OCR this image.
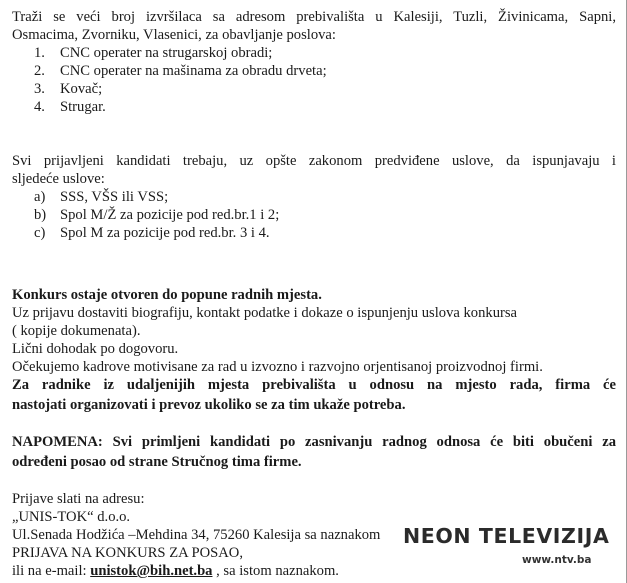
Traži se veći broj izvršilaca sa adresom prebivališta u Kalesiji, Tuzli, Živinicama, Sapni,
Osmacima, Zvorniku, Vlasenici, za obavljanje poslova:
1. CNC operater na strugarskoj obradi;
2. CNC operater na mašinama za obradu drveta;
3. Kovač;
4. Strugar.
Svi prijavljeni kandidati trebaju, uz opšte zakonom predviđene uslove, da ispunjavaju i
sljedeće uslove:
a) SSS, VŠS ili VSS;
b) Spol M/Ž za pozicije pod red.br.1 i 2;
c) Spol M za pozicije pod red.br. 3 i 4.
Konkurs ostaje otvoren do popune radnih mjesta.
Uz prijavu dostaviti biografiju, kontakt podatke i dokaze o ispunjenju uslova konkursa
( kopije dokumenata).
Lični dohodak po dogovoru.
Očekujemo kadrove motivisane za rad u izvozno i razvojno orjentisanoj proizvodnoj firmi.
Za radnike iz udaljenijih mjesta prebivališta u odnosu na mjesto rada, firma će
nastojati organizovati i prevoz ukoliko se za tim ukaže potreba.
NAPOMENA: Svi primljeni kandidati po zasnivanju radnog odnosa će biti obučeni za
određeni posao od strane Stručnog tima firme.
Prijave slati na adresu:
„UNIS-TOK“ d.o.o.
Ul.Senada Hodžića –Mehdina 34, 75260 Kalesija sa naznakom
PRIJAVA NA KONKURS ZA POSAO,
ili na e-mail: unistok@bih.net.ba , sa istom naznakom.
NEON TELEVIZIJA
www.ntv.ba
